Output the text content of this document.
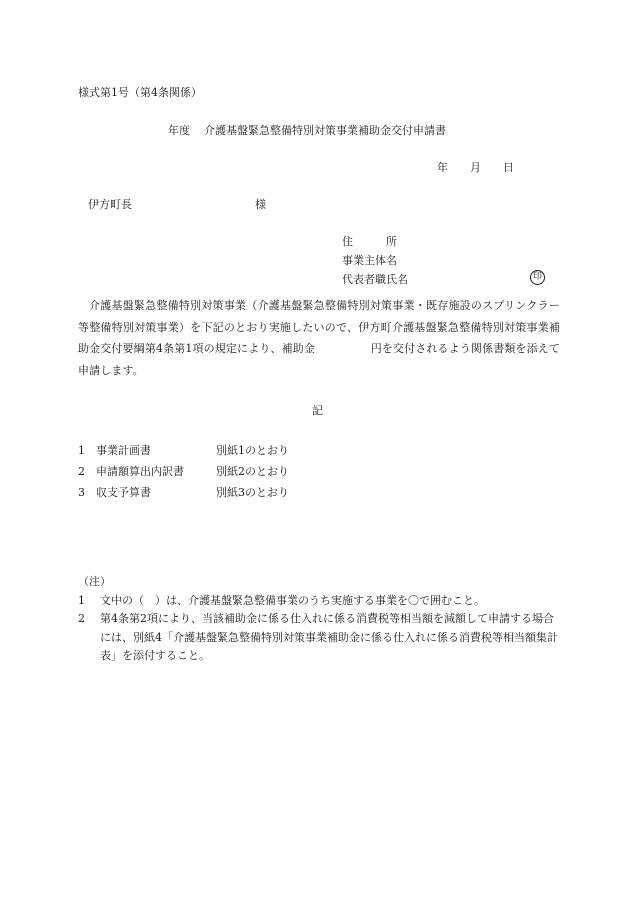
様式第1号（第4条関係）
年度 介護基盤緊急整備特別対策事業補助金交付申請書
年 月 日
伊方町長	様
住　　　所
事業主体名
代表者職氏名	印
介護基盤緊急整備特別対策事業（介護基盤緊急整備特別対策事業・既存施設のスプリンクラー等整備特別対策事業）を下記のとおり実施したいので、伊方町介護基盤緊急整備特別対策事業補助金交付要綱第4条第1項の規定により、補助金　　　　　円を交付されるよう関係書類を添えて申請します。
記
1 事業計画書	別紙1のとおり
2 申請額算出内訳書	別紙2のとおり
3 収支予算書	別紙3のとおり
（注）
1 文中の（　）は、介護基盤緊急整備事業のうち実施する事業を〇で囲むこと。
2 第4条第2項により、当該補助金に係る仕入れに係る消費税等相当額を減額して申請する場合には、別紙4「介護基盤緊急整備特別対策事業補助金に係る仕入れに係る消費税等相当額集計表」を添付すること。
